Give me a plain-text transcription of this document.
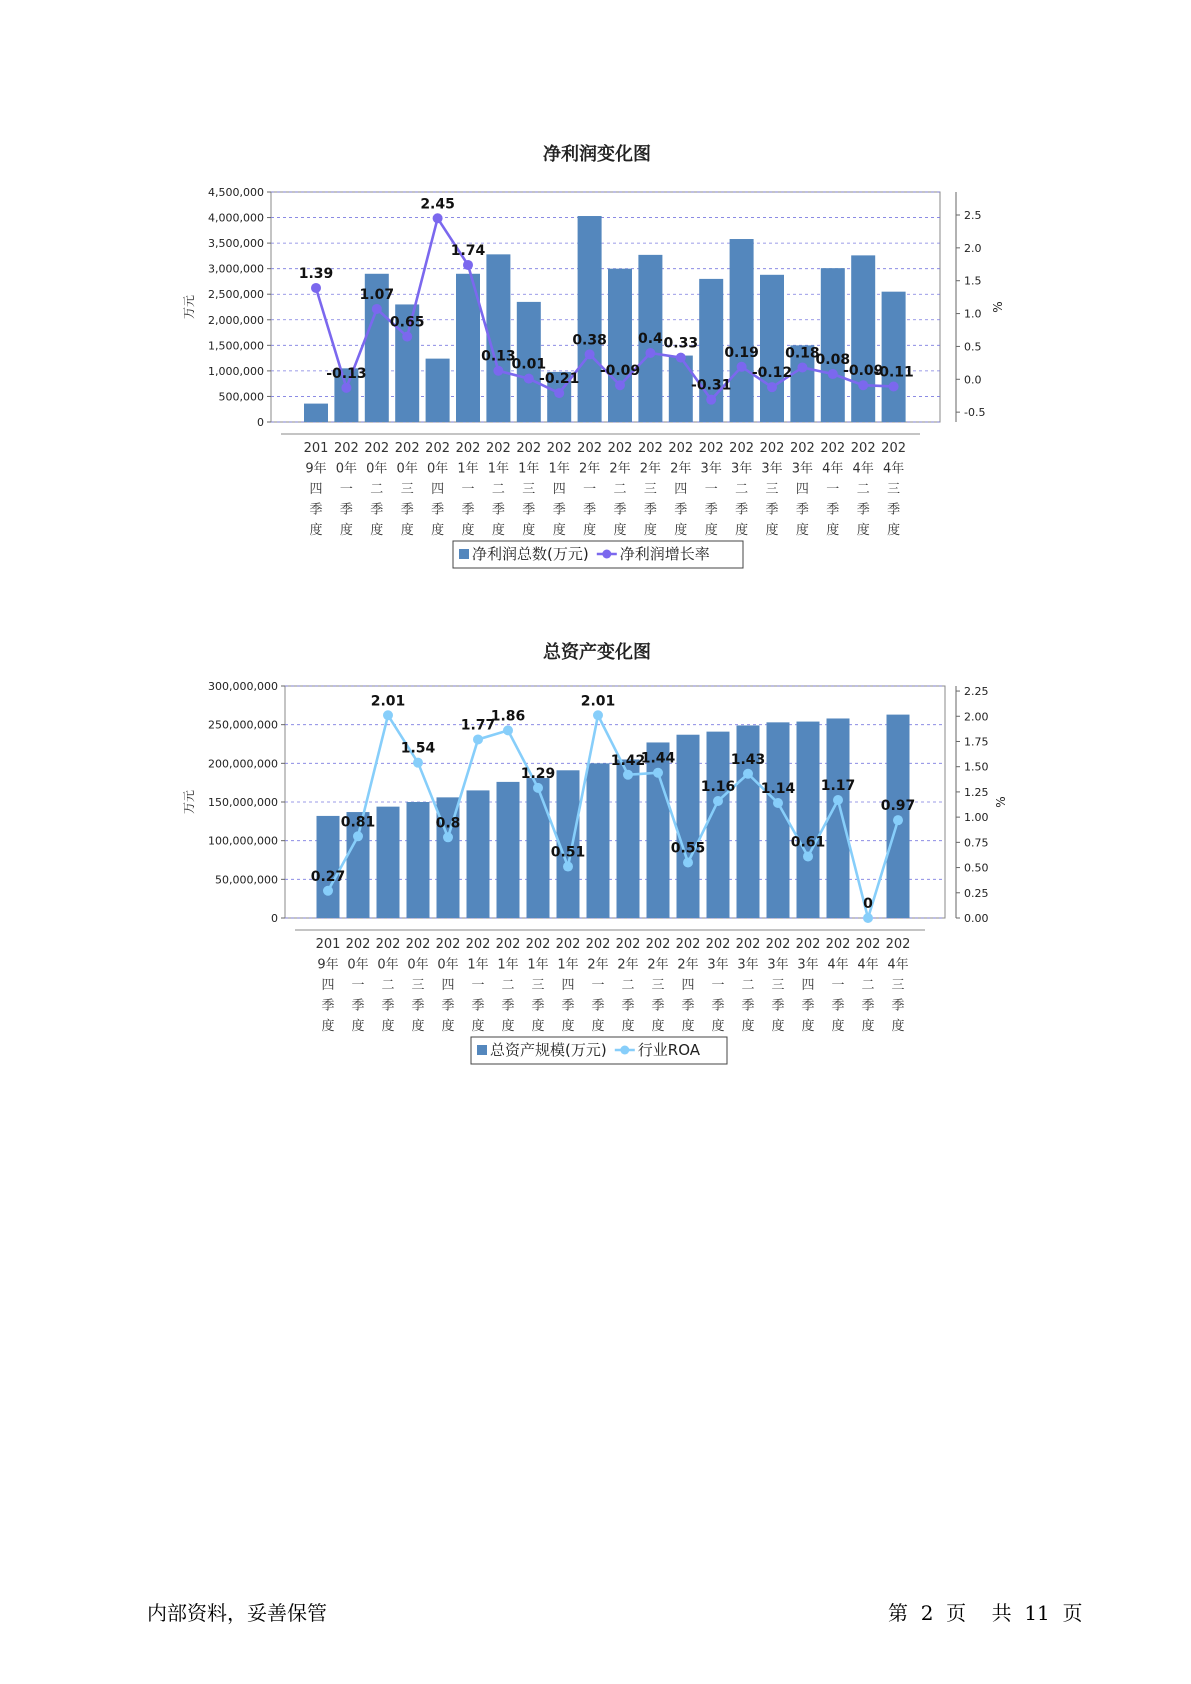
净利润变化图
0
500,000
1,000,000
1,500,000
2,000,000
2,500,000
3,000,000
3,500,000
4,000,000
4,500,000
-0.5
0.0
0.5
1.0
1.5
2.0
2.5
万元	%
201
9年
四
季
度
202
0年
一
季
度
202
0年
二
季
度
202
0年
三
季
度
202
0年
四
季
度
202
1年
一
季
度
202
1年
二
季
度
202
1年
三
季
度
202
1年
四
季
度
202
2年
一
季
度
202
2年
二
季
度
202
2年
三
季
度
202
2年
四
季
度
202
3年
一
季
度
202
3年
二
季
度
202
3年
三
季
度
202
3年
四
季
度
202
4年
一
季
度
202
4年
二
季
度
202
4年
三
季
度
1.39
-0.13
1.07
0.65
2.45
1.74
0.13
0.01
-0.21
0.38
-0.09
0.4 0.33
-0.31
0.19
-0.12
0.18
0.08
-0.09
-0.11
净利润总数(万元) 净利润增长率
总资产变化图
0
50,000,000
100,000,000
150,000,000
200,000,000
250,000,000
300,000,000
0.00
0.25
0.50
0.75
1.00
1.25
1.50
1.75
2.00
2.25
万元	%
201
9年
四
季
度
202
0年
一
季
度
202
0年
二
季
度
202
0年
三
季
度
202
0年
四
季
度
202
1年
一
季
度
202
1年
二
季
度
202
1年
三
季
度
202
1年
四
季
度
202
2年
一
季
度
202
2年
二
季
度
202
2年
三
季
度
202
2年
四
季
度
202
3年
一
季
度
202
3年
二
季
度
202
3年
三
季
度
202
3年
四
季
度
202
4年
一
季
度
202
4年
二
季
度
202
4年
三
季
度
0.27
0.81
2.01
1.54
0.8
1.77
1.86
1.29
0.51
2.01
1.42
1.44
0.55
1.16
1.43
1.14
0.61
1.17
0
0.97
总资产规模(万元) 行业ROA
内部资料，妥善保管	第 2 页 共 11 页
